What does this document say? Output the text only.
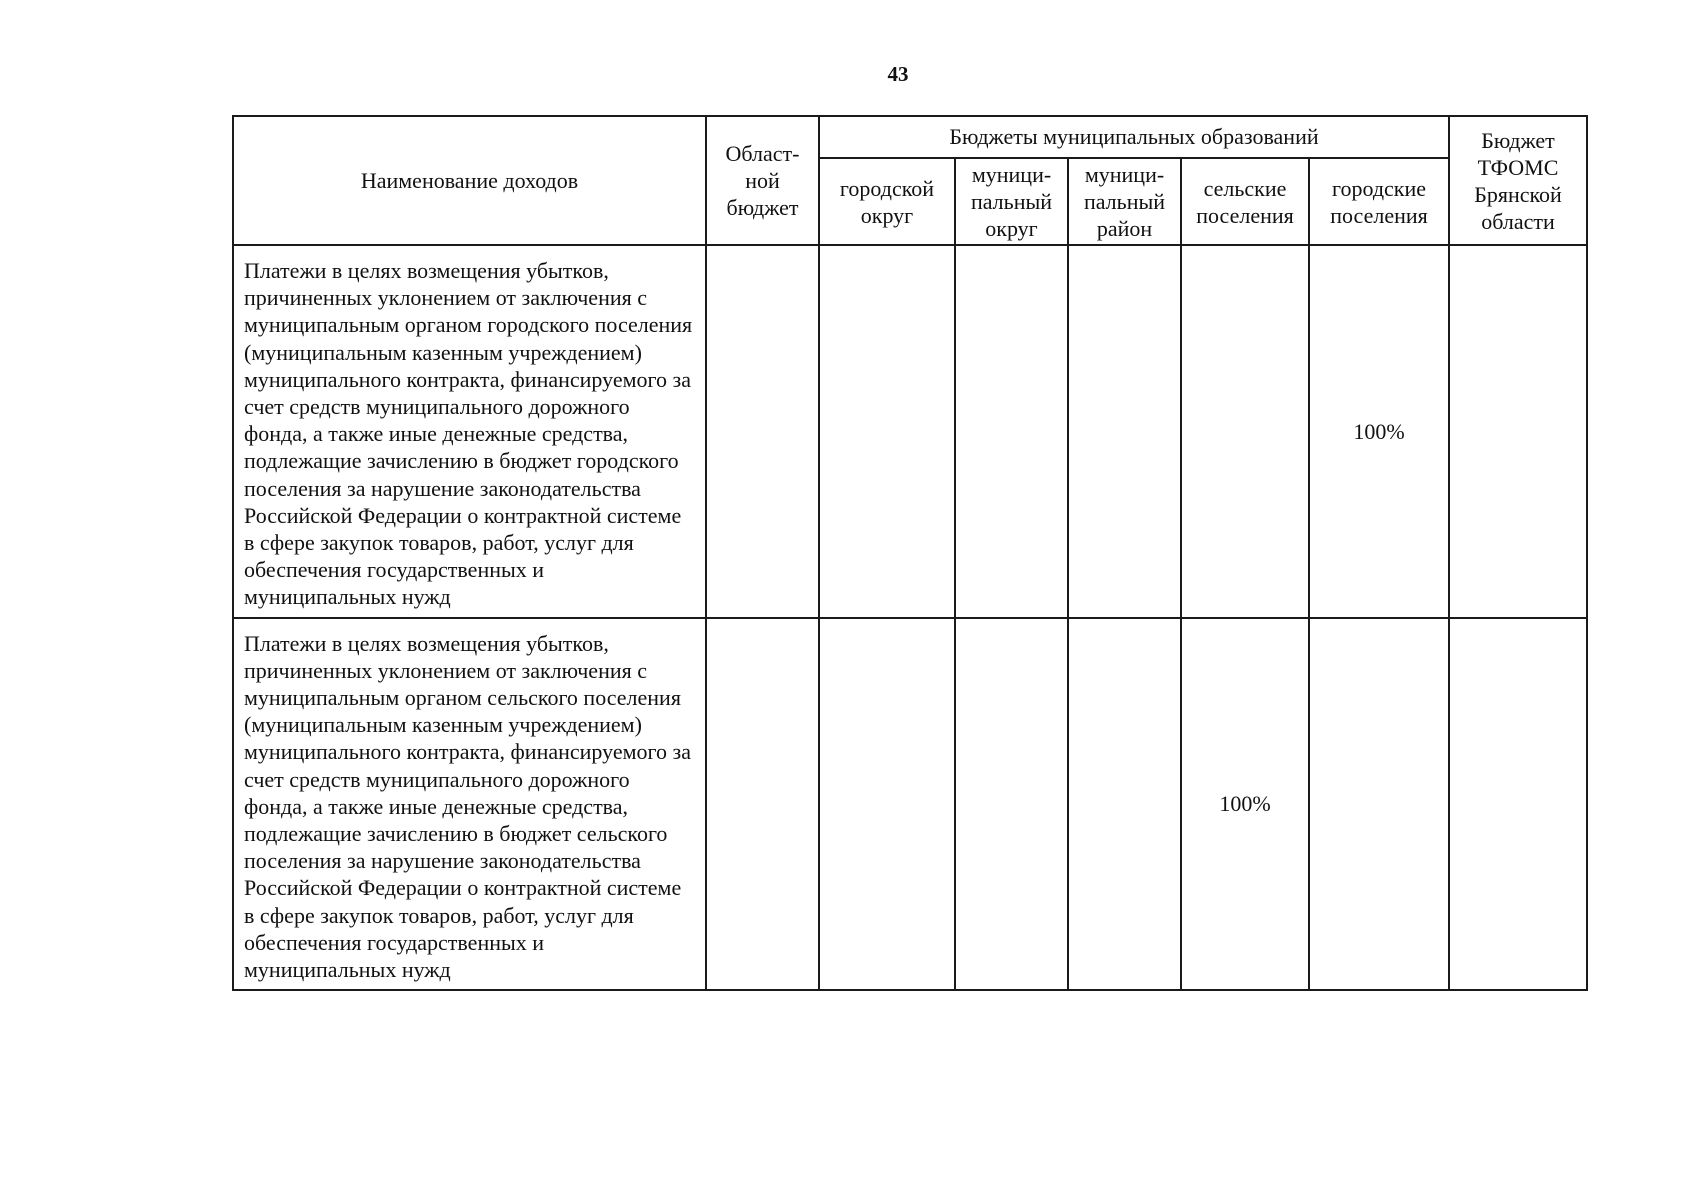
43
Наименование доходов	Област-ной бюджет	Бюджеты муниципальных образований					Бюджет ТФОМС Брянской области
		городской округ	муници-пальный округ	муници-пальный район	сельские поселения	городские поселения	
Платежи в целях возмещения убытков, причиненных уклонением от заключения с муниципальным органом городского поселения (муниципальным казенным учреждением) муниципального контракта, финансируемого за счет средств муниципального дорожного фонда, а также иные денежные средства, подлежащие зачислению в бюджет городского поселения за нарушение законодательства Российской Федерации о контрактной системе в сфере закупок товаров, работ, услуг для обеспечения государственных и муниципальных нужд						100%	
Платежи в целях возмещения убытков, причиненных уклонением от заключения с муниципальным органом сельского поселения (муниципальным казенным учреждением) муниципального контракта, финансируемого за счет средств муниципального дорожного фонда, а также иные денежные средства, подлежащие зачислению в бюджет сельского поселения за нарушение законодательства Российской Федерации о контрактной системе в сфере закупок товаров, работ, услуг для обеспечения государственных и муниципальных нужд					100%		
